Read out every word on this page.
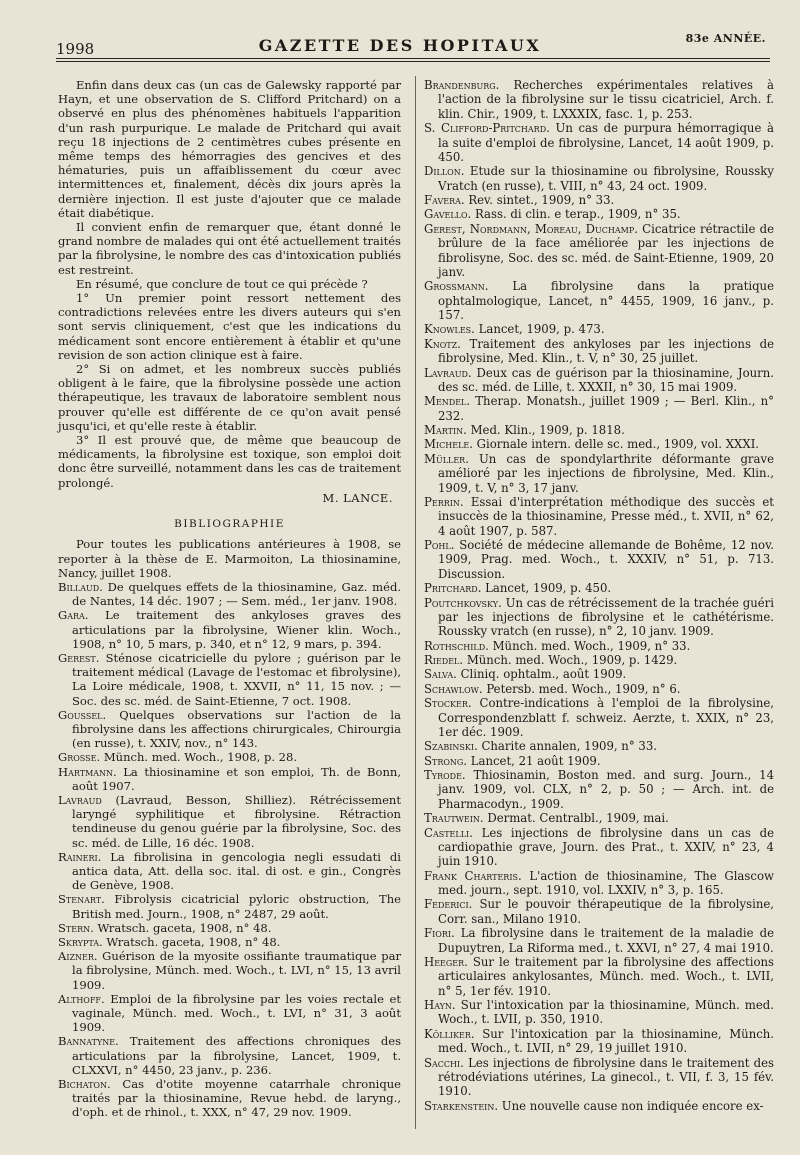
1998	GAZETTE DES HOPITAUX	83e ANNÉE.

Enfin dans deux cas (un cas de Galewsky rapporté par Hayn, et une observation de S. Clifford Pritchard) on a observé en plus des phénomènes habituels l'apparition d'un rash purpurique. Le malade de Pritchard qui avait reçu 18 injections de 2 centimètres cubes présente en même temps des hémorragies des gencives et des hématuries, puis un affaiblissement du cœur avec intermittences et, finalement, décès dix jours après la dernière injection. Il est juste d'ajouter que ce malade était diabétique.

Il convient enfin de remarquer que, étant donné le grand nombre de malades qui ont été actuellement traités par la fibrolysine, le nombre des cas d'intoxication publiés est restreint.

En résumé, que conclure de tout ce qui précède ?

1° Un premier point ressort nettement des contradictions relevées entre les divers auteurs qui s'en sont servis cliniquement, c'est que les indications du médicament sont encore entièrement à établir et qu'une revision de son action clinique est à faire.

2° Si on admet, et les nombreux succès publiés obligent à le faire, que la fibrolysine possède une action thérapeutique, les travaux de laboratoire semblent nous prouver qu'elle est différente de ce qu'on avait pensé jusqu'ici, et qu'elle reste à établir.

3° Il est prouvé que, de même que beaucoup de médicaments, la fibrolysine est toxique, son emploi doit donc être surveillé, notamment dans les cas de traitement prolongé.

M. LANCE.
BIBLIOGRAPHIE

Pour toutes les publications antérieures à 1908, se reporter à la thèse de E. Marmoiton, La thiosinamine, Nancy, juillet 1908.

Billaud. De quelques effets de la thiosinamine, Gaz. méd. de Nantes, 14 déc. 1907 ; — Sem. méd., 1er janv. 1908.

Gara. Le traitement des ankyloses graves des articulations par la fibrolysine, Wiener klin. Woch., 1908, n° 10, 5 mars, p. 340, et n° 12, 9 mars, p. 394.

Gerest. Sténose cicatricielle du pylore ; guérison par le traitement médical (Lavage de l'estomac et fibrolysine), La Loire médicale, 1908, t. XXVII, n° 11, 15 nov. ; — Soc. des sc. méd. de Saint-Etienne, 7 oct. 1908.

Goussel. Quelques observations sur l'action de la fibrolysine dans les affections chirurgicales, Chirourgia (en russe), t. XXIV, nov., n° 143.

Grosse. Münch. med. Woch., 1908, p. 28.

Hartmann. La thiosinamine et son emploi, Th. de Bonn, août 1907.

Lavraud (Lavraud, Besson, Shilliez). Rétrécissement laryngé syphilitique et fibrolysine. Rétraction tendineuse du genou guérie par la fibrolysine, Soc. des sc. méd. de Lille, 16 déc. 1908.

Raineri. La fibrolisina in gencologia negli essudati di antica data, Att. della soc. ital. di ost. e gin., Congrès de Genève, 1908.

Stenart. Fibrolysis cicatricial pyloric obstruction, The British med. Journ., 1908, n° 2487, 29 août.

Stern. Wratsch. gaceta, 1908, n° 48.

Skrypta. Wratsch. gaceta, 1908, n° 48.

Aizner. Guérison de la myosite ossifiante traumatique par la fibrolysine, Münch. med. Woch., t. LVI, n° 15, 13 avril 1909.

Althoff. Emploi de la fibrolysine par les voies rectale et vaginale, Münch. med. Woch., t. LVI, n° 31, 3 août 1909.

Bannatyne. Traitement des affections chroniques des articulations par la fibrolysine, Lancet, 1909, t. CLXXVI, n° 4450, 23 janv., p. 236.

Bichaton. Cas d'otite moyenne catarrhale chronique traités par la thiosinamine, Revue hebd. de laryng., d'oph. et de rhinol., t. XXX, n° 47, 29 nov. 1909.

Brandenburg. Recherches expérimentales relatives à l'action de la fibrolysine sur le tissu cicatriciel, Arch. f. klin. Chir., 1909, t. LXXXIX, fasc. 1, p. 253.

S. Clifford-Pritchard. Un cas de purpura hémorragique à la suite d'emploi de fibrolysine, Lancet, 14 août 1909, p. 450.

Dillon. Etude sur la thiosinamine ou fibrolysine, Roussky Vratch (en russe), t. VIII, n° 43, 24 oct. 1909.

Favera. Rev. sintet., 1909, n° 33.

Gavello. Rass. di clin. e terap., 1909, n° 35.

Gerest, Nordmann, Moreau, Duchamp. Cicatrice rétractile de brûlure de la face améliorée par les injections de fibrolisyne, Soc. des sc. méd. de Saint-Etienne, 1909, 20 janv.

Grossmann. La fibrolysine dans la pratique ophtalmologique, Lancet, n° 4455, 1909, 16 janv., p. 157.

Knowles. Lancet, 1909, p. 473.

Knotz. Traitement des ankyloses par les injections de fibrolysine, Med. Klin., t. V, n° 30, 25 juillet.

Lavraud. Deux cas de guérison par la thiosinamine, Journ. des sc. méd. de Lille, t. XXXII, n° 30, 15 mai 1909.

Mendel. Therap. Monatsh., juillet 1909 ; — Berl. Klin., n° 232.

Martin. Med. Klin., 1909, p. 1818.

Michele. Giornale intern. delle sc. med., 1909, vol. XXXI.

Müller. Un cas de spondylarthrite déformante grave amélioré par les injections de fibrolysine, Med. Klin., 1909, t. V, n° 3, 17 janv.

Perrin. Essai d'interprétation méthodique des succès et insuccès de la thiosinamine, Presse méd., t. XVII, n° 62, 4 août 1907, p. 587.

Pohl. Société de médecine allemande de Bohême, 12 nov. 1909, Prag. med. Woch., t. XXXIV, n° 51, p. 713. Discussion.

Pritchard. Lancet, 1909, p. 450.

Poutchkovsky. Un cas de rétrécissement de la trachée guéri par les injections de fibrolysine et le cathétérisme. Roussky vratch (en russe), n° 2, 10 janv. 1909.

Rothschild. Münch. med. Woch., 1909, n° 33.

Riedel. Münch. med. Woch., 1909, p. 1429.

Salva. Cliniq. ophtalm., août 1909.

Schawlow. Petersb. med. Woch., 1909, n° 6.

Stocker. Contre-indications à l'emploi de la fibrolysine, Correspondenzblatt f. schweiz. Aerzte, t. XXIX, n° 23, 1er déc. 1909.

Szabinski. Charite annalen, 1909, n° 33.

Strong. Lancet, 21 août 1909.

Tyrode. Thiosinamin, Boston med. and surg. Journ., 14 janv. 1909, vol. CLX, n° 2, p. 50 ; — Arch. int. de Pharmacodyn., 1909.

Trautwein. Dermat. Centralbl., 1909, mai.

Castelli. Les injections de fibrolysine dans un cas de cardiopathie grave, Journ. des Prat., t. XXIV, n° 23, 4 juin 1910.

Frank Charteris. L'action de thiosinamine, The Glascow med. journ., sept. 1910, vol. LXXIV, n° 3, p. 165.

Federici. Sur le pouvoir thérapeutique de la fibrolysine, Corr. san., Milano 1910.

Fiori. La fibrolysine dans le traitement de la maladie de Dupuytren, La Riforma med., t. XXVI, n° 27, 4 mai 1910.

Heeger. Sur le traitement par la fibrolysine des affections articulaires ankylosantes, Münch. med. Woch., t. LVII, n° 5, 1er fév. 1910.

Hayn. Sur l'intoxication par la thiosinamine, Münch. med. Woch., t. LVII, p. 350, 1910.

Kölliker. Sur l'intoxication par la thiosinamine, Münch. med. Woch., t. LVII, n° 29, 19 juillet 1910.

Sacchi. Les injections de fibrolysine dans le traitement des rétrodéviations utérines, La ginecol., t. VII, f. 3, 15 fév. 1910.

Starkenstein. Une nouvelle cause non indiquée encore ex-
